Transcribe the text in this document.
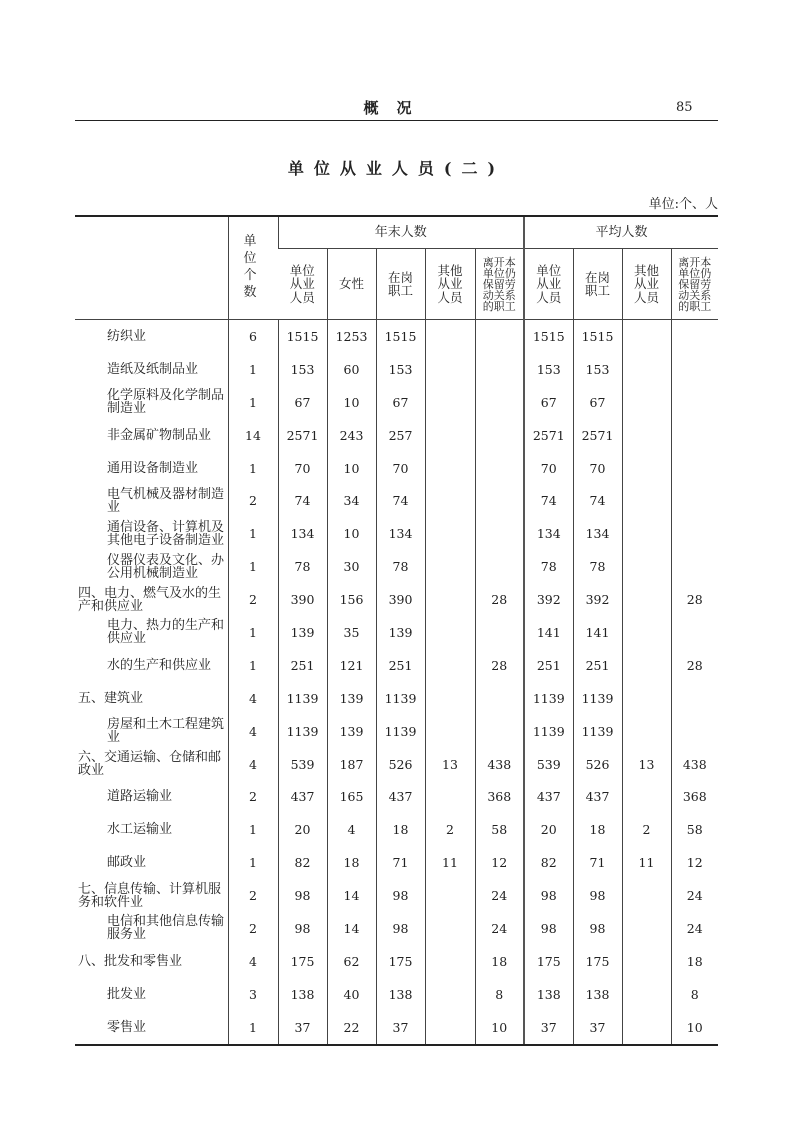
概况	85
单位从业人员(二)
单位:个、人
	单位个数	年末人数					平均人数			
		单位从业人员	女性	在岗职工	其他从业人员	离开本单位仍保留劳动关系的职工	单位从业人员	在岗职工	其他从业人员	离开本单位仍保留劳动关系的职工
纺织业	6	1515	1253	1515			1515	1515		
造纸及纸制品业	1	153	60	153			153	153		
化学原料及化学制品制造业	1	67	10	67			67	67		
非金属矿物制品业	14	2571	243	257			2571	2571		
通用设备制造业	1	70	10	70			70	70		
电气机械及器材制造业	2	74	34	74			74	74		
通信设备、计算机及其他电子设备制造业	1	134	10	134			134	134		
仪器仪表及文化、办公用机械制造业	1	78	30	78			78	78		
四、电力、燃气及水的生产和供应业	2	390	156	390		28	392	392		28
电力、热力的生产和供应业	1	139	35	139			141	141		
水的生产和供应业	1	251	121	251		28	251	251		28
五、建筑业	4	1139	139	1139			1139	1139		
房屋和土木工程建筑业	4	1139	139	1139			1139	1139		
六、交通运输、仓储和邮政业	4	539	187	526	13	438	539	526	13	438
道路运输业	2	437	165	437		368	437	437		368
水工运输业	1	20	4	18	2	58	20	18	2	58
邮政业	1	82	18	71	11	12	82	71	11	12
七、信息传输、计算机服务和软件业	2	98	14	98		24	98	98		24
电信和其他信息传输服务业	2	98	14	98		24	98	98		24
八、批发和零售业	4	175	62	175		18	175	175		18
批发业	3	138	40	138		8	138	138		8
零售业	1	37	22	37		10	37	37		10
